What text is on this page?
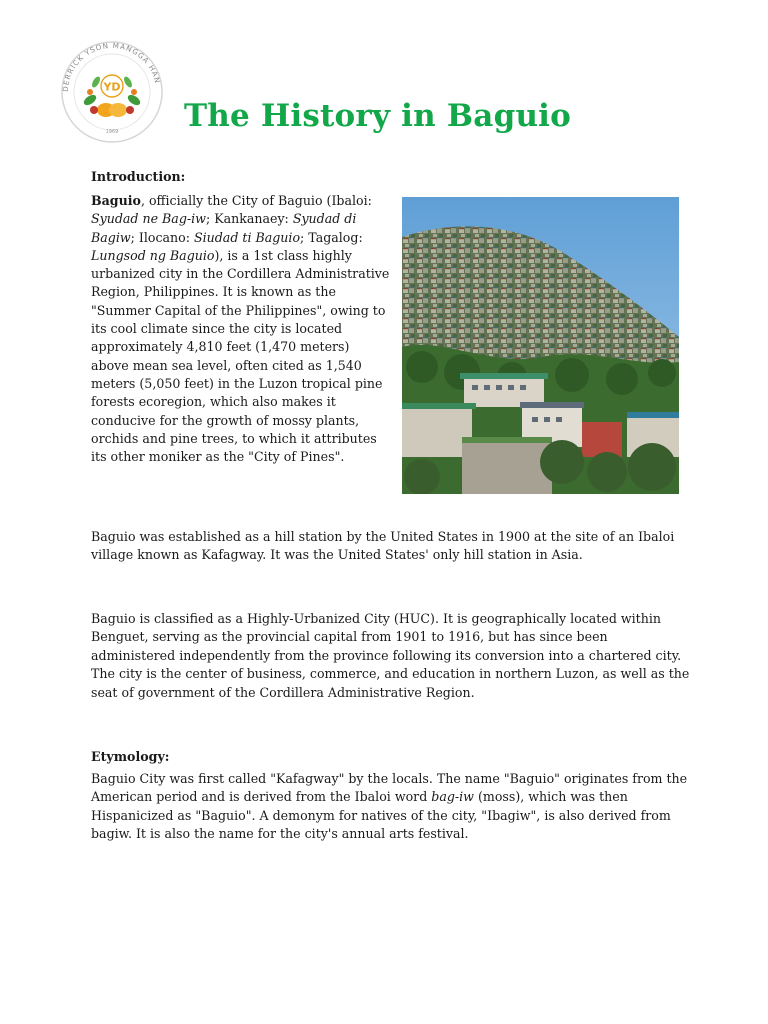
DERRICK YSON MANGGA HAN
YD
1969 The History in Baguio
Introduction:

Baguio, officially the City of Baguio (Ibaloi: Syudad ne Bag-iw; Kankanaey: Syudad di Bagiw; Ilocano: Siudad ti Baguio; Tagalog: Lungsod ng Baguio), is a 1st class highly urbanized city in the Cordillera Administrative Region, Philippines. It is known as the "Summer Capital of the Philippines", owing to its cool climate since the city is located approximately 4,810 feet (1,470 meters) above mean sea level, often cited as 1,540 meters (5,050 feet) in the Luzon tropical pine forests ecoregion, which also makes it conducive for the growth of mossy plants, orchids and pine trees, to which it attributes its other moniker as the "City of Pines".

Baguio was established as a hill station by the United States in 1900 at the site of an Ibaloi village known as Kafagway. It was the United States' only hill station in Asia.

Baguio is classified as a Highly-Urbanized City (HUC). It is geographically located within Benguet, serving as the provincial capital from 1901 to 1916, but has since been administered independently from the province following its conversion into a chartered city. The city is the center of business, commerce, and education in northern Luzon, as well as the seat of government of the Cordillera Administrative Region.

Etymology:

Baguio City was first called "Kafagway" by the locals. The name "Baguio" originates from the American period and is derived from the Ibaloi word bag-iw (moss), which was then Hispanicized as "Baguio". A demonym for natives of the city, "Ibagiw", is also derived from bagiw. It is also the name for the city's annual arts festival.
